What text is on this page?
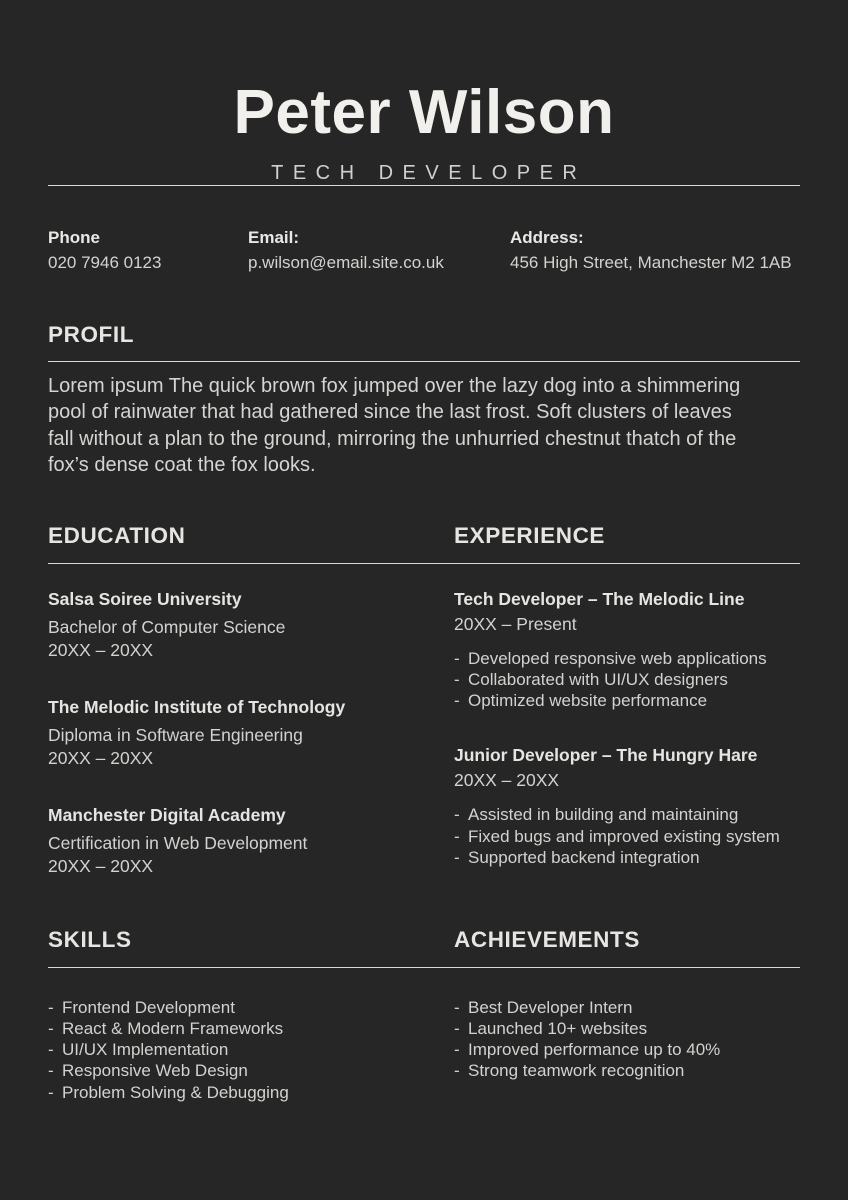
Peter Wilson
TECH DEVELOPER
Phone
020 7946 0123
Email:
p.wilson@email.site.co.uk
Address:
456 High Street, Manchester M2 1AB
PROFIL
Lorem ipsum The quick brown fox jumped over the lazy dog into a shimmering pool of rainwater that had gathered since the last frost. Soft clusters of leaves fall without a plan to the ground, mirroring the unhurried chestnut thatch of the fox’s dense coat the fox looks.
EDUCATION	EXPERIENCE
Salsa Soiree University
Bachelor of Computer Science
20XX – 20XX
The Melodic Institute of Technology
Diploma in Software Engineering
20XX – 20XX
Manchester Digital Academy
Certification in Web Development
20XX – 20XX
Tech Developer – The Melodic Line
20XX – Present
- Developed responsive web applications
- Collaborated with UI/UX designers
- Optimized website performance
Junior Developer – The Hungry Hare
20XX – 20XX
- Assisted in building and maintaining
- Fixed bugs and improved existing system
- Supported backend integration
SKILLS	ACHIEVEMENTS
- Frontend Development
- React & Modern Frameworks
- UI/UX Implementation
- Responsive Web Design
- Problem Solving & Debugging
- Best Developer Intern
- Launched 10+ websites
- Improved performance up to 40%
- Strong teamwork recognition
